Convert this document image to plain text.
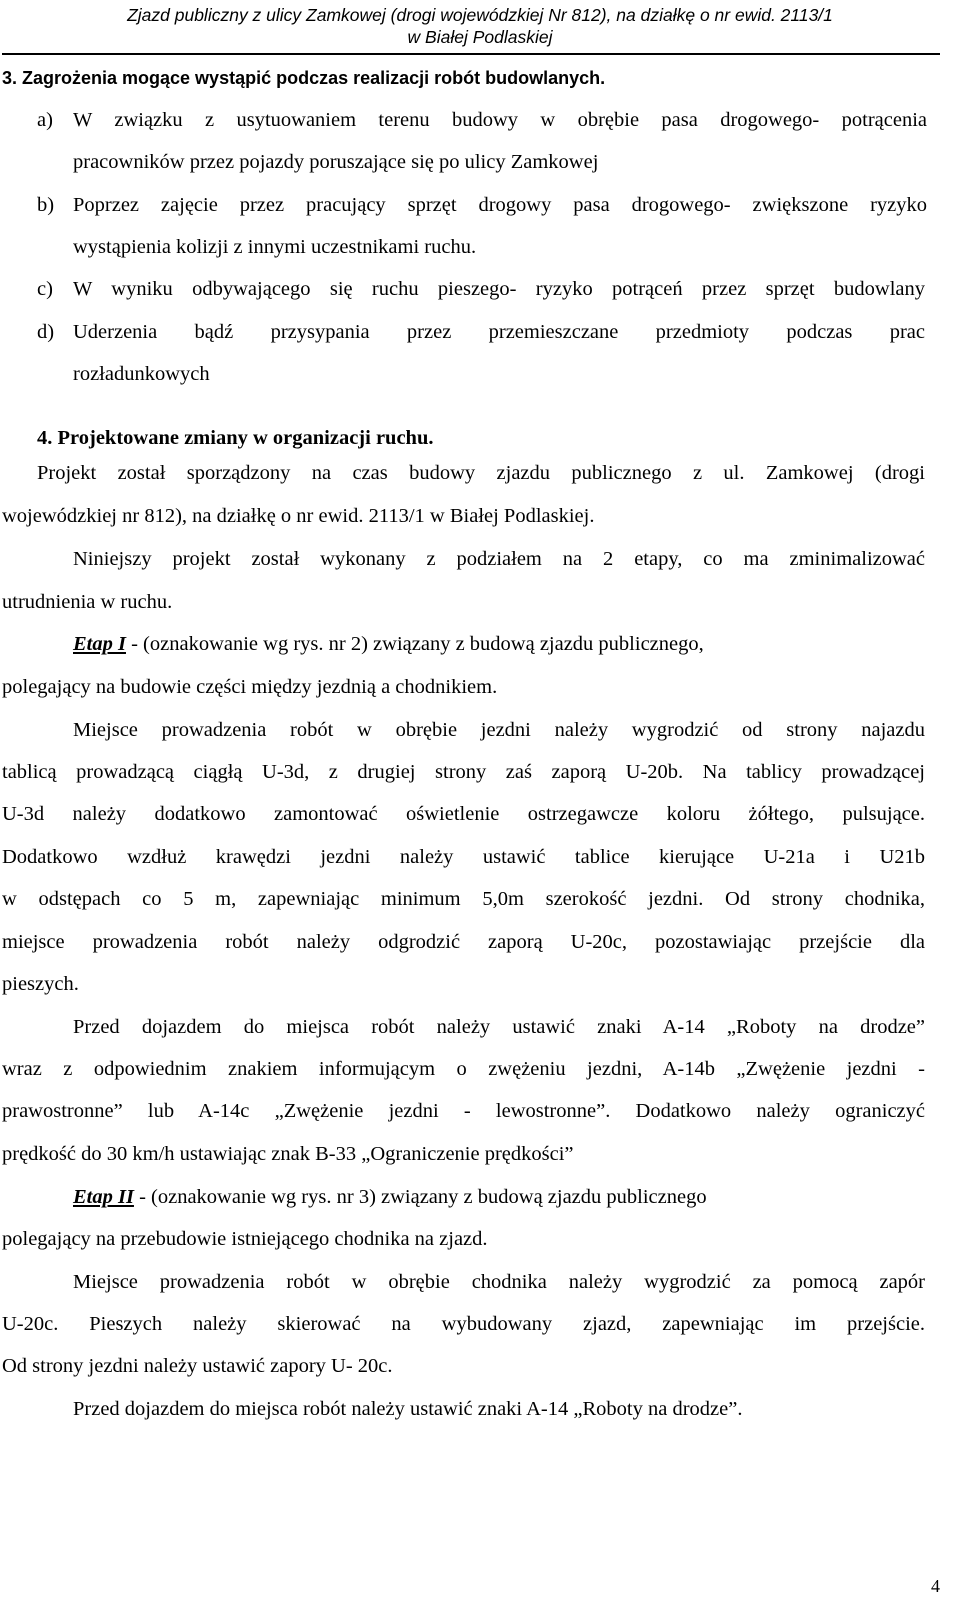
Zjazd publiczny z ulicy Zamkowej (drogi wojewódzkiej Nr 812), na działkę o nr ewid. 2113/1
w Białej Podlaskiej
3. Zagrożenia mogące wystąpić podczas realizacji robót budowlanych.
a) W związku z usytuowaniem terenu budowy w obrębie pasa drogowego- potrącenia
pracowników przez pojazdy poruszające się po ulicy Zamkowej
b) Poprzez zajęcie przez pracujący sprzęt drogowy pasa drogowego- zwiększone ryzyko
wystąpienia kolizji z innymi uczestnikami ruchu.
c) W wyniku odbywającego się ruchu pieszego- ryzyko potrąceń przez sprzęt budowlany
d) Uderzenia bądź przysypania przez przemieszczane przedmioty podczas prac
rozładunkowych
4. Projektowane zmiany w organizacji ruchu.
Projekt został sporządzony na czas budowy zjazdu publicznego z ul. Zamkowej (drogi
wojewódzkiej nr 812), na działkę o nr ewid. 2113/1 w Białej Podlaskiej.
Niniejszy projekt został wykonany z podziałem na 2 etapy, co ma zminimalizować
utrudnienia w ruchu.
Etap I - (oznakowanie wg rys. nr 2) związany z budową zjazdu publicznego,
polegający na budowie części między jezdnią a chodnikiem.
Miejsce prowadzenia robót w obrębie jezdni należy wygrodzić od strony najazdu
tablicą prowadzącą ciągłą U-3d, z drugiej strony zaś zaporą U-20b. Na tablicy prowadzącej
U-3d należy dodatkowo zamontować oświetlenie ostrzegawcze koloru żółtego, pulsujące.
Dodatkowo wzdłuż krawędzi jezdni należy ustawić tablice kierujące U-21a i U21b
w odstępach co 5 m, zapewniając minimum 5,0m szerokość jezdni. Od strony chodnika,
miejsce prowadzenia robót należy odgrodzić zaporą U-20c, pozostawiając przejście dla
pieszych.
Przed dojazdem do miejsca robót należy ustawić znaki A-14 „Roboty na drodze”
wraz z odpowiednim znakiem informującym o zwężeniu jezdni, A-14b „Zwężenie jezdni -
prawostronne” lub A-14c „Zwężenie jezdni - lewostronne”. Dodatkowo należy ograniczyć
prędkość do 30 km/h ustawiając znak B-33 „Ograniczenie prędkości”
Etap II - (oznakowanie wg rys. nr 3) związany z budową zjazdu publicznego
polegający na przebudowie istniejącego chodnika na zjazd.
Miejsce prowadzenia robót w obrębie chodnika należy wygrodzić za pomocą zapór
U-20c. Pieszych należy skierować na wybudowany zjazd, zapewniając im przejście.
Od strony jezdni należy ustawić zapory U- 20c.
Przed dojazdem do miejsca robót należy ustawić znaki A-14 „Roboty na drodze”.
4
